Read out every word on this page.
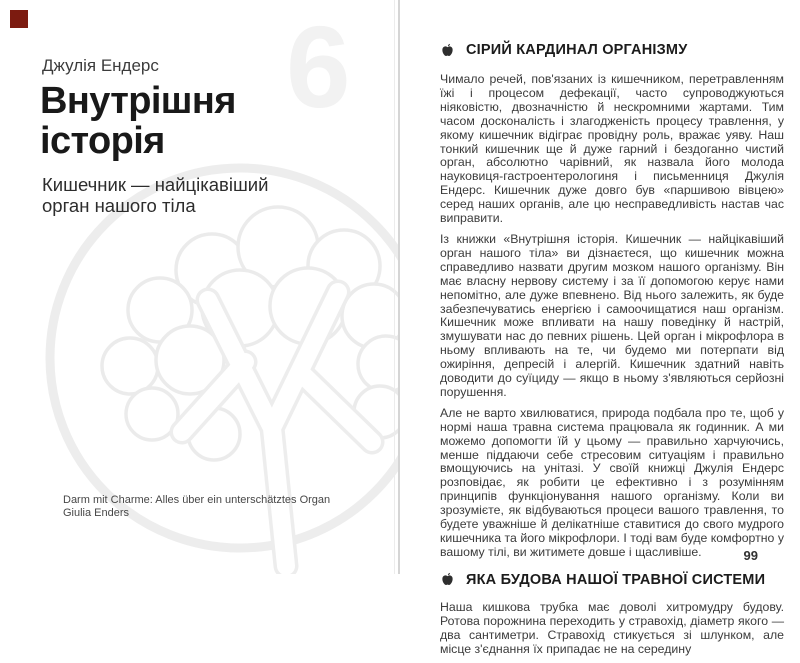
6
Джулія Ендерс
Внутрішня
історія
Кишечник — найцікавіший
орган нашого тіла
Darm mit Charme: Alles über ein unterschätztes Organ
Giulia Enders
СІРИЙ КАРДИНАЛ ОРГАНІЗМУ

Чимало речей, пов'язаних із кишечником, перетравленням їжі і процесом дефекації, часто супроводжуються ніяковістю, двозначністю й нескромними жартами. Тим часом досконалість і злагодженість процесу травлення, у якому кишечник відіграє провідну роль, вражає уяву. Наш тонкий кишечник ще й дуже гарний і бездоганно чистий орган, абсолютно чарівний, як назвала його молода науковиця-гастроентерологиня і письменниця Джулія Ендерс. Кишечник дуже довго був «паршивою вівцею» серед наших органів, але цю несправедливість настав час виправити.

Із книжки «Внутрішня історія. Кишечник — найцікавіший орган нашого тіла» ви дізнаєтеся, що кишечник можна справедливо назвати другим мозком нашого організму. Він має власну нервову систему і за її допомогою керує нами непомітно, але дуже впевнено. Від нього залежить, як буде забезпечуватись енергією і самоочищатися наш організм. Кишечник може впливати на нашу поведінку й настрій, змушувати нас до певних рішень. Цей орган і мікрофлора в ньому впливають на те, чи будемо ми потерпати від ожиріння, депресій і алергій. Кишечник здатний навіть доводити до суїциду — якщо в ньому з'являються серйозні порушення.

Але не варто хвилюватися, природа подбала про те, щоб у нормі наша травна система працювала як годинник. А ми можемо допомогти їй у цьому — правильно харчуючись, менше піддаючи себе стресовим ситуаціям і правильно вмощуючись на унітазі. У своїй книжці Джулія Ендерс розповідає, як робити це ефективно і з розумінням принципів функціонування нашого організму. Коли ви зрозумієте, як відбуваються процеси вашого травлення, то будете уважніше й делікатніше ставитися до свого мудрого кишечника та його мікрофлори. І тоді вам буде комфортно у вашому тілі, ви житимете довше і щасливіше.

ЯКА БУДОВА НАШОЇ ТРАВНОЇ СИСТЕМИ

Наша кишкова трубка має доволі хитромудру будову. Ротова порожнина переходить у стравохід, діаметр якого — два сантиметри. Стравохід стикується зі шлунком, але місце з'єднання їх припадає не на середину

99
